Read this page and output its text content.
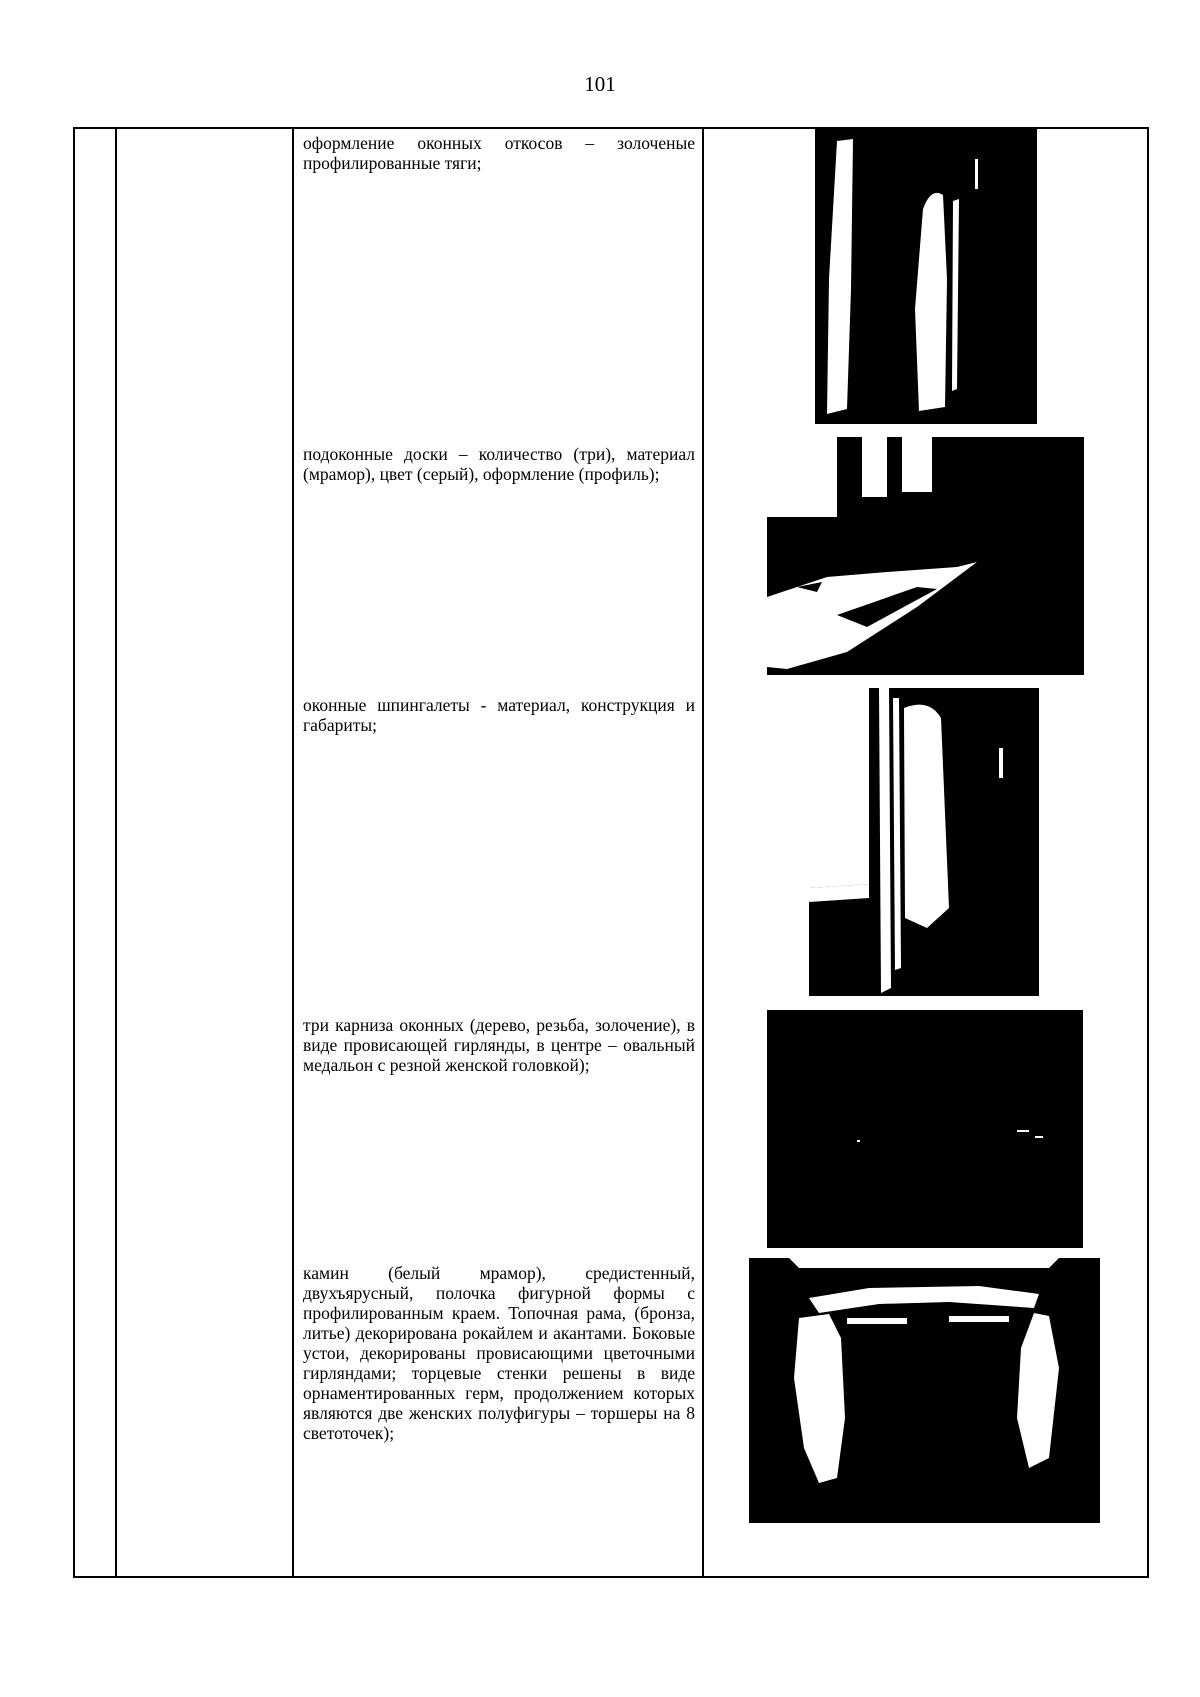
101
оформление оконных откосов – золоченые профилированные тяги;
подоконные доски – количество (три), материал (мрамор), цвет (серый), оформление (профиль);
оконные шпингалеты - материал, конструкция и габариты;
три карниза оконных (дерево, резьба, золочение), в виде провисающей гирлянды, в центре – овальный медальон с резной женской головкой);
камин (белый мрамор), средистенный, двухъярусный, полочка фигурной формы с профилированным краем. Топочная рама, (бронза, литье) декорирована рокайлем и акантами. Боковые устои, декорированы провисающими цветочными гирляндами; торцевые стенки решены в виде орнаментированных герм, продолжением которых являются две женских полуфигуры – торшеры на 8 светоточек);
